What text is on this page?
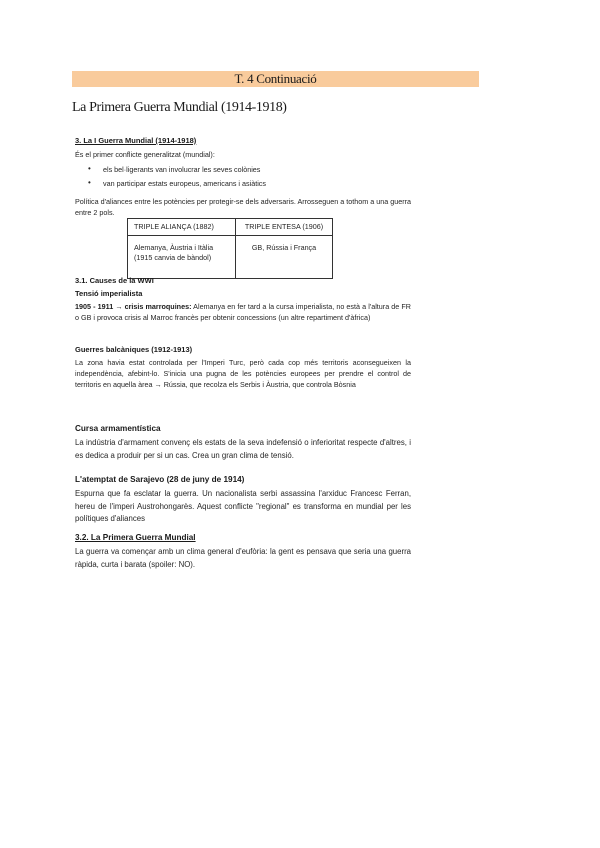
T. 4 Continuació
La Primera Guerra Mundial (1914-1918)
3. La I Guerra Mundial (1914-1918)
És el primer conflicte generalitzat (mundial):
• els bel·ligerants van involucrar les seves colònies
• van participar estats europeus, americans i asiàtics
Política d'aliances entre les potències per protegir-se dels adversaris. Arrosseguen a tothom a una guerra entre 2 pols.
TRIPLE ALIANÇA (1882)	TRIPLE ENTESA (1906)

Alemanya, Àustria i Itàlia
(1915 canvia de bàndol)	GB, Rússia i França
3.1. Causes de la WWI
Tensió imperialista
1905 - 1911 → crisis marroquines: Alemanya en fer tard a la cursa imperialista, no està a l'altura de FR o GB i provoca crisis al Marroc francès per obtenir concessions (un altre repartiment d'àfrica)
Guerres balcàniques (1912-1913)
La zona havia estat controlada per l'Imperi Turc, però cada cop més territoris aconsegueixen la independència, afebint-lo. S'inicia una pugna de les potències europees per prendre el control de territoris en aquella àrea → Rússia, que recolza els Serbis i Àustria, que controla Bòsnia
Cursa armamentística
La indústria d'armament convenç els estats de la seva indefensió o inferioritat respecte d'altres, i es dedica a produir per si un cas. Crea un gran clima de tensió.
L'atemptat de Sarajevo (28 de juny de 1914)
Espurna que fa esclatar la guerra. Un nacionalista serbi assassina l'arxiduc Francesc Ferran, hereu de l'imperi Austrohongarès. Aquest conflicte "regional" es transforma en mundial per les polítiques d'aliances
3.2. La Primera Guerra Mundial
La guerra va començar amb un clima general d'eufòria: la gent es pensava que seria una guerra ràpida, curta i barata (spoiler: NO).
